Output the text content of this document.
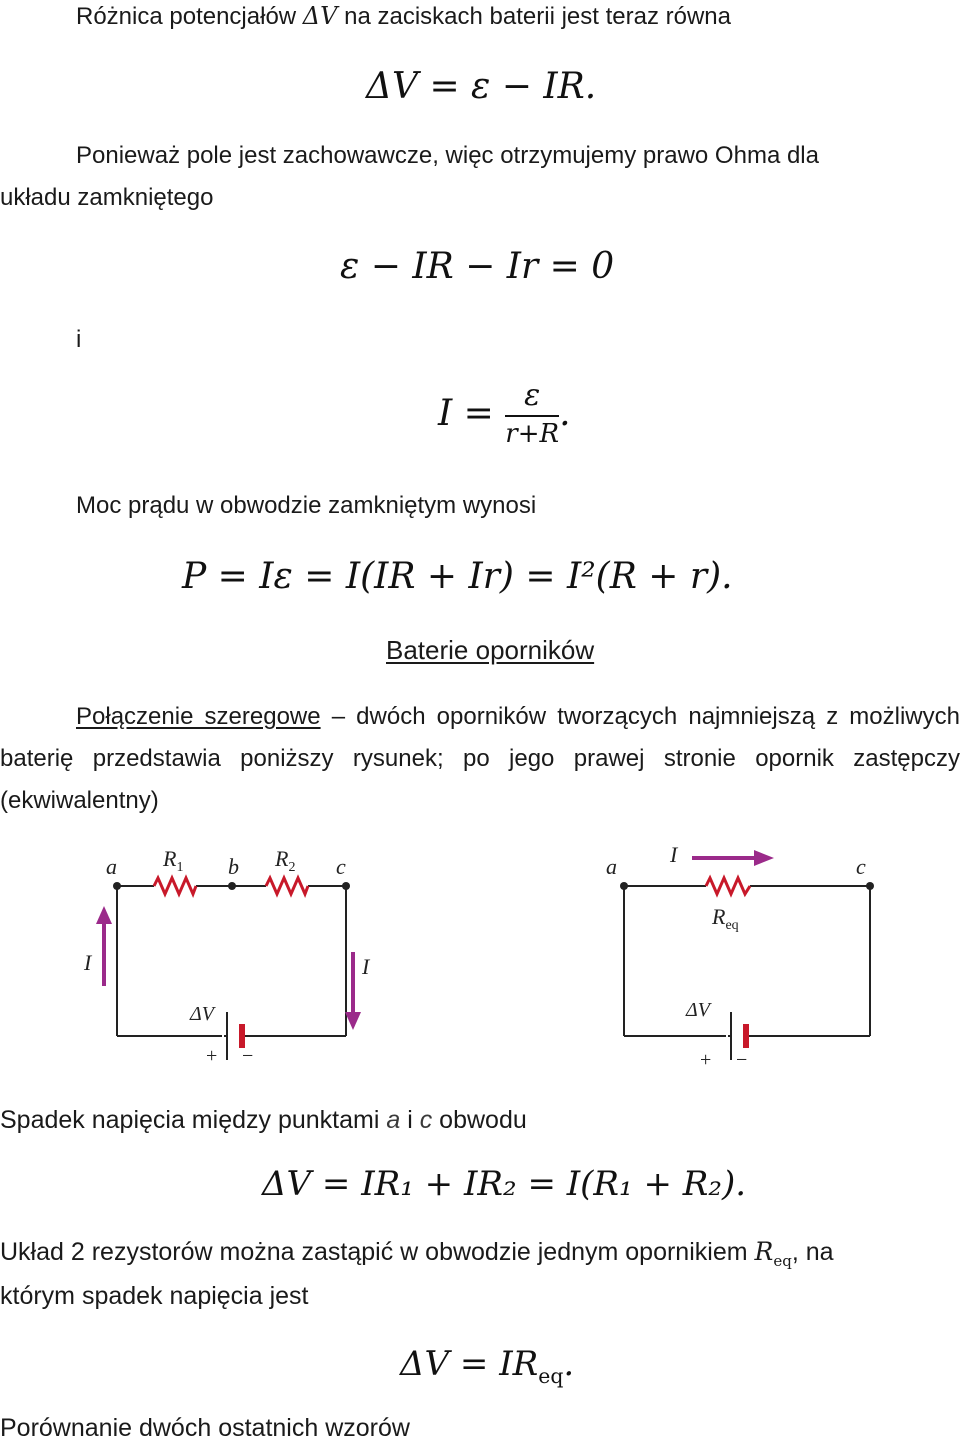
Różnica potencjałów ΔV na zaciskach baterii jest teraz równa
ΔV = ε − IR.
Ponieważ pole jest zachowawcze, więc otrzymujemy prawo Ohma dla
układu zamkniętego
ε − IR − Ir = 0
i
$I = \frac{\varepsilon}{r+R}$ .
Moc prądu w obwodzie zamkniętym wynosi
P = Iε = I(IR + Ir) = I²(R + r).
Baterie oporników
Połączenie szeregowe – dwóch oporników tworzących najmniejszą z możliwych baterię przedstawia poniższy rysunek; po jego prawej stronie opornik zastępczy (ekwiwalentny)
a $R_1$ b $R_2$ c
I	I
ΔV
+ −
a I	c
$R_{eq}$
ΔV
+ −
Spadek napięcia między punktami a i c obwodu
ΔV = IR₁ + IR₂ = I(R₁ + R₂).
Układ 2 rezystorów można zastąpić w obwodzie jednym opornikiem $R_{eq}$, na
którym spadek napięcia jest
$\Delta V = IR_{eq}$.
Porównanie dwóch ostatnich wzorów
